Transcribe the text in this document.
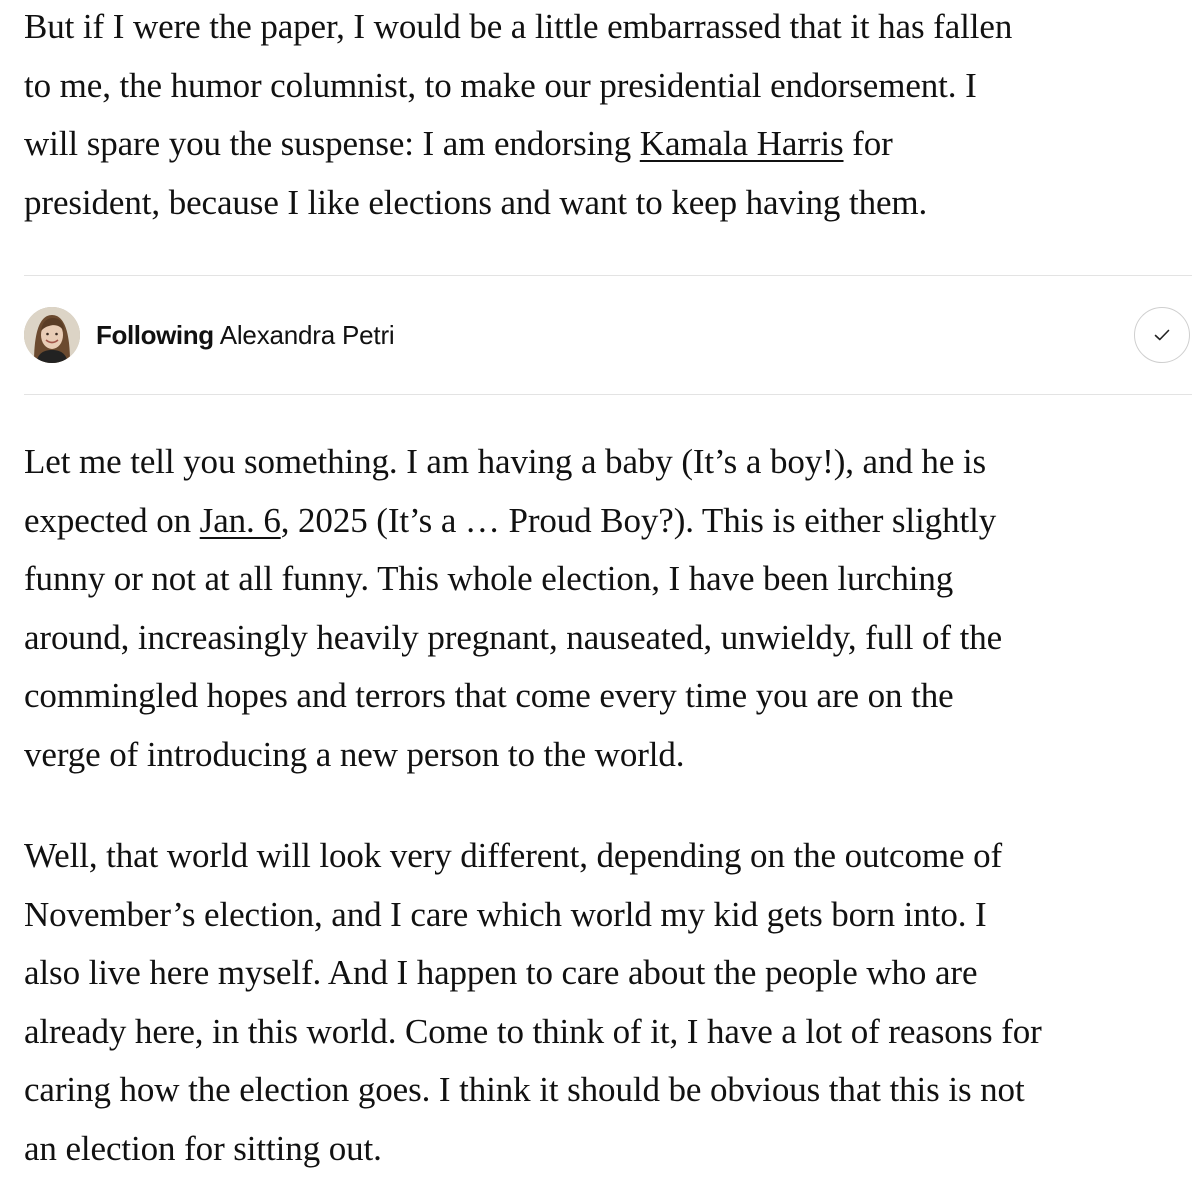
But if I were the paper, I would be a little embarrassed that it has fallen
to me, the humor columnist, to make our presidential endorsement. I
will spare you the suspense: I am endorsing Kamala Harris for
president, because I like elections and want to keep having them.

Following Alexandra Petri

Let me tell you something. I am having a baby (It’s a boy!), and he is
expected on Jan. 6, 2025 (It’s a … Proud Boy?). This is either slightly
funny or not at all funny. This whole election, I have been lurching
around, increasingly heavily pregnant, nauseated, unwieldy, full of the
commingled hopes and terrors that come every time you are on the
verge of introducing a new person to the world.

Well, that world will look very different, depending on the outcome of
November’s election, and I care which world my kid gets born into. I
also live here myself. And I happen to care about the people who are
already here, in this world. Come to think of it, I have a lot of reasons for
caring how the election goes. I think it should be obvious that this is not
an election for sitting out.
